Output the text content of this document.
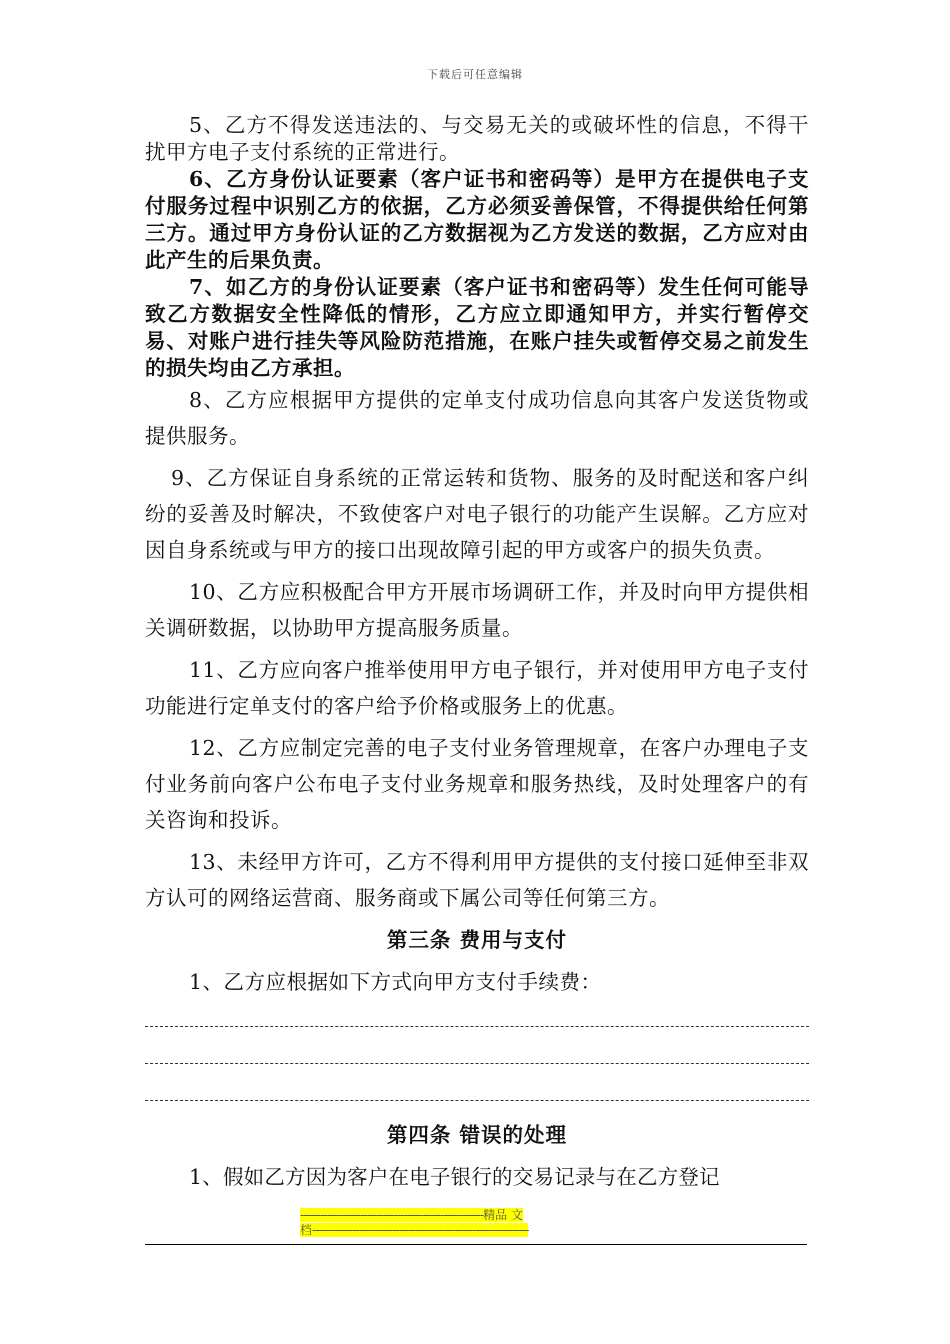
下载后可任意编辑

5、乙方不得发送违法的、与交易无关的或破坏性的信息，不得干扰甲方电子支付系统的正常进行。

6、乙方身份认证要素（客户证书和密码等）是甲方在提供电子支付服务过程中识别乙方的依据，乙方必须妥善保管，不得提供给任何第三方。通过甲方身份认证的乙方数据视为乙方发送的数据，乙方应对由此产生的后果负责。

7、如乙方的身份认证要素（客户证书和密码等）发生任何可能导致乙方数据安全性降低的情形，乙方应立即通知甲方，并实行暂停交易、对账户进行挂失等风险防范措施，在账户挂失或暂停交易之前发生的损失均由乙方承担。

8、乙方应根据甲方提供的定单支付成功信息向其客户发送货物或提供服务。

9、乙方保证自身系统的正常运转和货物、服务的及时配送和客户纠纷的妥善及时解决，不致使客户对电子银行的功能产生误解。乙方应对因自身系统或与甲方的接口出现故障引起的甲方或客户的损失负责。

10、乙方应积极配合甲方开展市场调研工作，并及时向甲方提供相关调研数据，以协助甲方提高服务质量。

11、乙方应向客户推举使用甲方电子银行，并对使用甲方电子支付功能进行定单支付的客户给予价格或服务上的优惠。

12、乙方应制定完善的电子支付业务管理规章，在客户办理电子支付业务前向客户公布电子支付业务规章和服务热线，及时处理客户的有关咨询和投诉。

13、未经甲方许可，乙方不得利用甲方提供的支付接口延伸至非双方认可的网络运营商、服务商或下属公司等任何第三方。

第三条 费用与支付

1、乙方应根据如下方式向甲方支付手续费：

第四条 错误的处理

1、假如乙方因为客户在电子银行的交易记录与在乙方登记

-------------------------------------------------------精品 文
档-----------------------------------------------------------------
